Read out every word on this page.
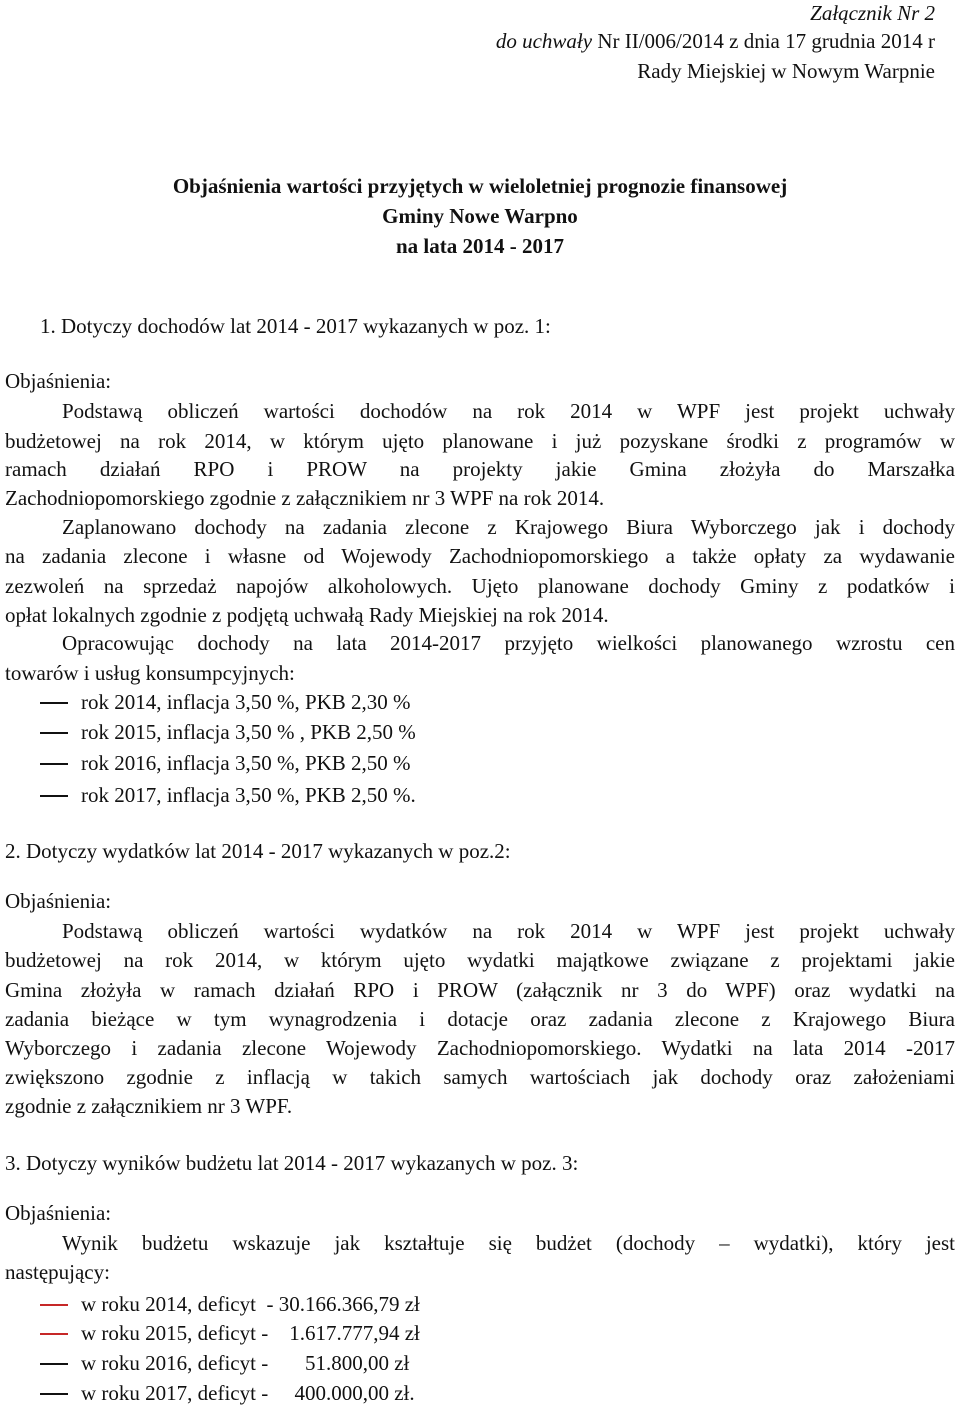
Załącznik Nr 2
do uchwały Nr II/006/2014 z dnia 17 grudnia 2014 r
Rady Miejskiej w Nowym Warpnie
Objaśnienia wartości przyjętych w wieloletniej prognozie finansowej
Gminy Nowe Warpno
na lata 2014 - 2017
1. Dotyczy dochodów lat 2014 - 2017 wykazanych w poz. 1:
Objaśnienia:
Podstawą obliczeń wartości dochodów na rok 2014 w WPF jest projekt uchwały
budżetowej na rok 2014, w którym ujęto planowane i już pozyskane środki z programów w
ramach działań RPO i PROW na projekty jakie Gmina złożyła do Marszałka
Zachodniopomorskiego zgodnie z załącznikiem nr 3 WPF na rok 2014.
Zaplanowano dochody na zadania zlecone z Krajowego Biura Wyborczego jak i dochody
na zadania zlecone i własne od Wojewody Zachodniopomorskiego a także opłaty za wydawanie
zezwoleń na sprzedaż napojów alkoholowych. Ujęto planowane dochody Gminy z podatków i
opłat lokalnych zgodnie z podjętą uchwałą Rady Miejskiej na rok 2014.
Opracowując dochody na lata 2014-2017 przyjęto wielkości planowanego wzrostu cen
towarów i usług konsumpcyjnych:
rok 2014, inflacja 3,50 %, PKB 2,30 %
rok 2015, inflacja 3,50 % , PKB 2,50 %
rok 2016, inflacja 3,50 %, PKB 2,50 %
rok 2017, inflacja 3,50 %, PKB 2,50 %.
2. Dotyczy wydatków lat 2014 - 2017 wykazanych w poz.2:
Objaśnienia:
Podstawą obliczeń wartości wydatków na rok 2014 w WPF jest projekt uchwały
budżetowej na rok 2014, w którym ujęto wydatki majątkowe związane z projektami jakie
Gmina złożyła w ramach działań RPO i PROW (załącznik nr 3 do WPF) oraz wydatki na
zadania bieżące w tym wynagrodzenia i dotacje oraz zadania zlecone z Krajowego Biura
Wyborczego i zadania zlecone Wojewody Zachodniopomorskiego. Wydatki na lata 2014 -2017
zwiększono zgodnie z inflacją w takich samych wartościach jak dochody oraz założeniami
zgodnie z załącznikiem nr 3 WPF.
3. Dotyczy wyników budżetu lat 2014 - 2017 wykazanych w poz. 3:
Objaśnienia:
Wynik budżetu wskazuje jak kształtuje się budżet (dochody – wydatki), który jest
następujący:
w roku 2014, deficyt  - 30.166.366,79 zł
w roku 2015, deficyt -    1.617.777,94 zł
w roku 2016, deficyt -       51.800,00 zł
w roku 2017, deficyt -     400.000,00 zł.
